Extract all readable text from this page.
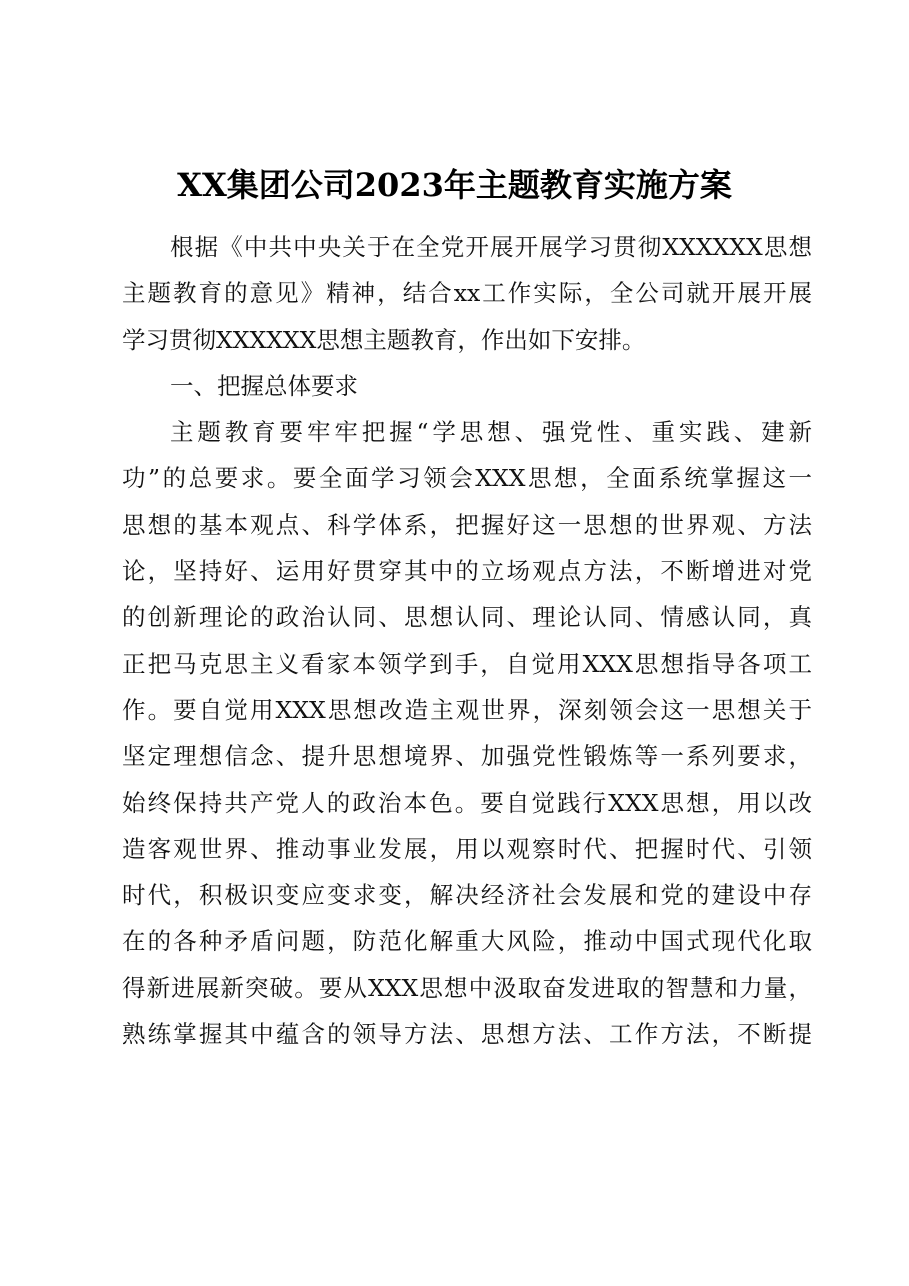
XX集团公司2023年主题教育实施方案
根据《中共中央关于在全党开展开展学习贯彻XXXXXX思想
主题教育的意见》精神，结合xx工作实际，全公司就开展开展
学习贯彻XXXXXX思想主题教育，作出如下安排。
一、把握总体要求
主题教育要牢牢把握“学思想、强党性、重实践、建新
功”的总要求。要全面学习领会XXX思想，全面系统掌握这一
思想的基本观点、科学体系，把握好这一思想的世界观、方法
论，坚持好、运用好贯穿其中的立场观点方法，不断增进对党
的创新理论的政治认同、思想认同、理论认同、情感认同，真
正把马克思主义看家本领学到手，自觉用XXX思想指导各项工
作。要自觉用XXX思想改造主观世界，深刻领会这一思想关于
坚定理想信念、提升思想境界、加强党性锻炼等一系列要求，
始终保持共产党人的政治本色。要自觉践行XXX思想，用以改
造客观世界、推动事业发展，用以观察时代、把握时代、引领
时代，积极识变应变求变，解决经济社会发展和党的建设中存
在的各种矛盾问题，防范化解重大风险，推动中国式现代化取
得新进展新突破。要从XXX思想中汲取奋发进取的智慧和力量，
熟练掌握其中蕴含的领导方法、思想方法、工作方法，不断提
